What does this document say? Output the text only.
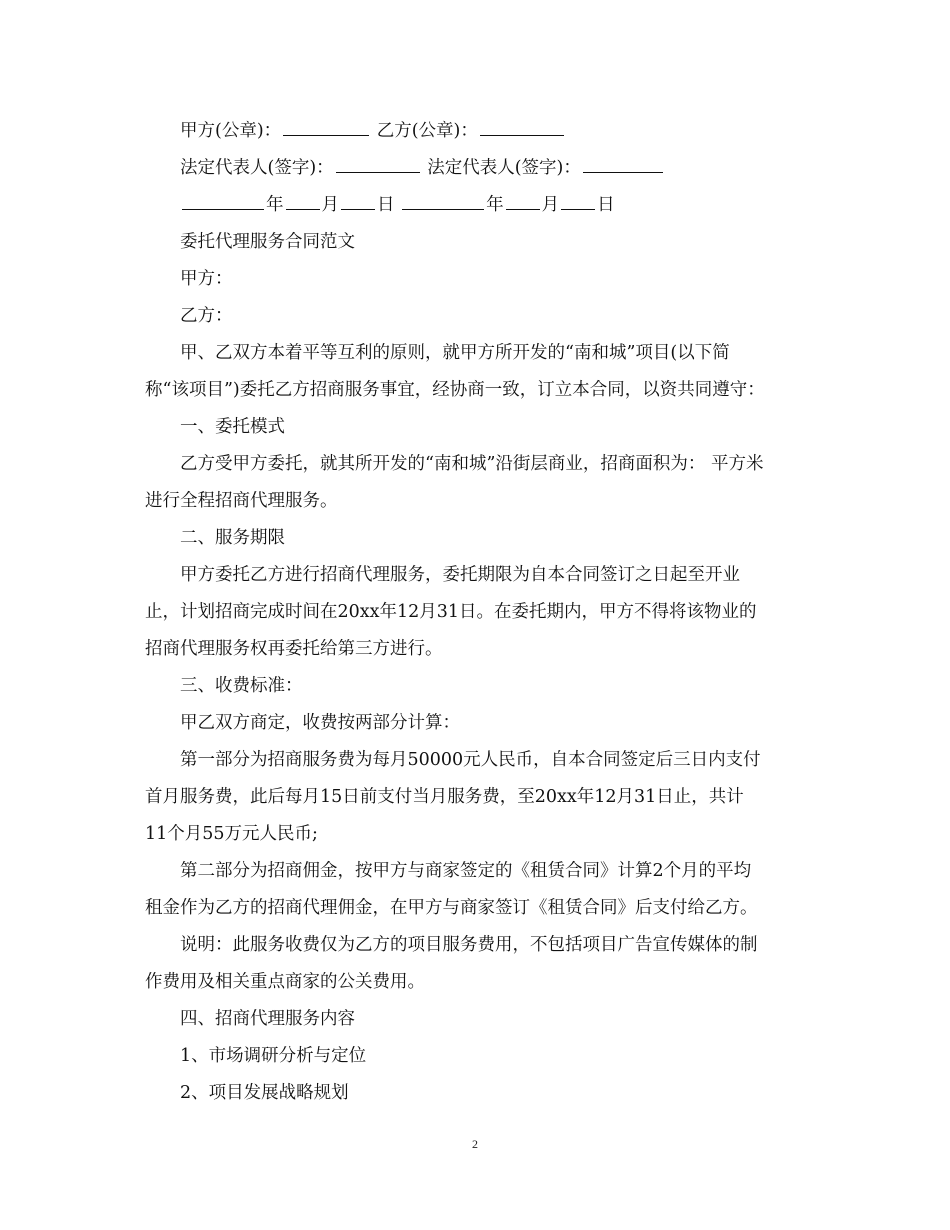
甲方(公章)：	乙方(公章)：
法定代表人(签字)：	法定代表人(签字)：
年 月 日	年 月 日
委托代理服务合同范文
甲方：
乙方：
甲、乙双方本着平等互利的原则，就甲方所开发的“南和城”项目(以下简
称“该项目”)委托乙方招商服务事宜，经协商一致，订立本合同，以资共同遵守：
一、委托模式
乙方受甲方委托，就其所开发的“南和城”沿街层商业，招商面积为： 平方米
进行全程招商代理服务。
二、服务期限
甲方委托乙方进行招商代理服务，委托期限为自本合同签订之日起至开业
止，计划招商完成时间在20xx年12月31日。在委托期内，甲方不得将该物业的
招商代理服务权再委托给第三方进行。
三、收费标准：
甲乙双方商定，收费按两部分计算：
第一部分为招商服务费为每月50000元人民币，自本合同签定后三日内支付
首月服务费，此后每月15日前支付当月服务费，至20xx年12月31日止，共计
11个月55万元人民币;
第二部分为招商佣金，按甲方与商家签定的《租赁合同》计算2个月的平均
租金作为乙方的招商代理佣金，在甲方与商家签订《租赁合同》后支付给乙方。
说明：此服务收费仅为乙方的项目服务费用，不包括项目广告宣传媒体的制
作费用及相关重点商家的公关费用。
四、招商代理服务内容
1、市场调研分析与定位
2、项目发展战略规划
2
